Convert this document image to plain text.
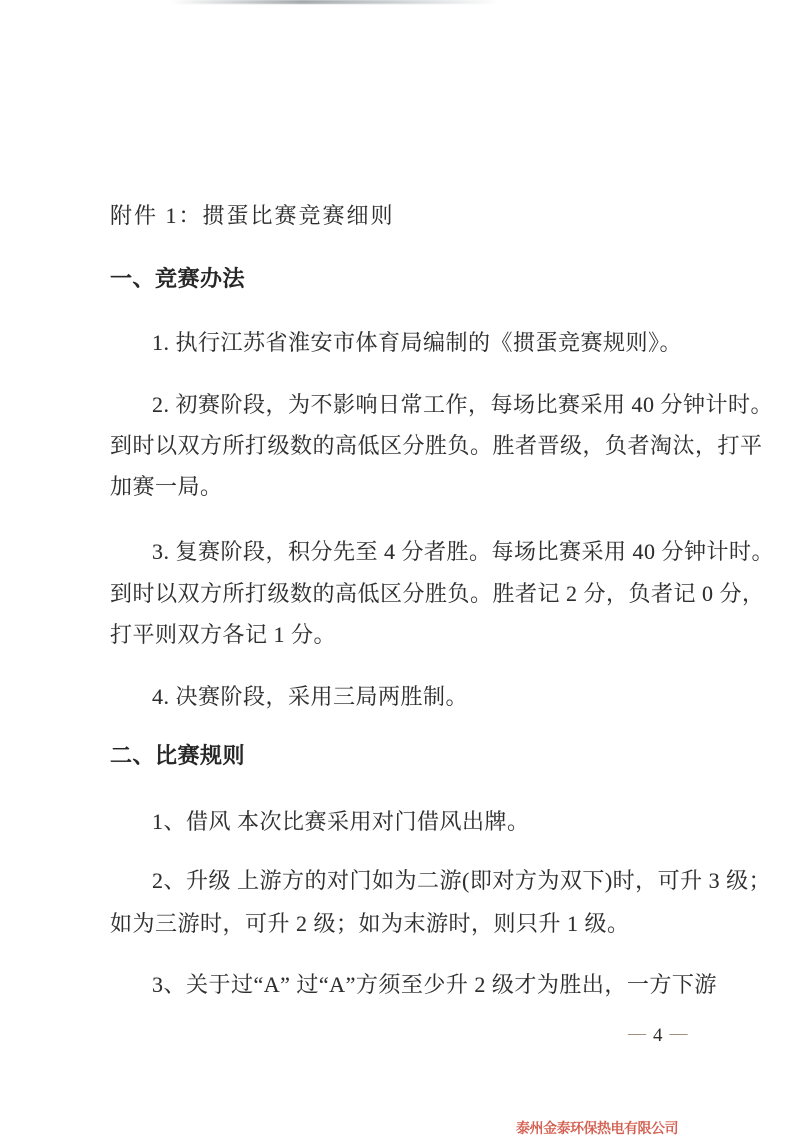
附件 1：掼蛋比赛竞赛细则
一、竞赛办法
1. 执行江苏省淮安市体育局编制的《掼蛋竞赛规则》。
2. 初赛阶段，为不影响日常工作，每场比赛采用 40 分钟计时。
到时以双方所打级数的高低区分胜负。胜者晋级，负者淘汰，打平
加赛一局。
3. 复赛阶段，积分先至 4 分者胜。每场比赛采用 40 分钟计时。
到时以双方所打级数的高低区分胜负。胜者记 2 分，负者记 0 分，
打平则双方各记 1 分。
4. 决赛阶段，采用三局两胜制。
二、比赛规则
1、借风 本次比赛采用对门借风出牌。
2、升级 上游方的对门如为二游(即对方为双下)时，可升 3 级；
如为三游时，可升 2 级；如为末游时，则只升 1 级。
3、关于过“A” 过“A”方须至少升 2 级才为胜出，一方下游
— 4 —
泰州金泰环保热电有限公司
